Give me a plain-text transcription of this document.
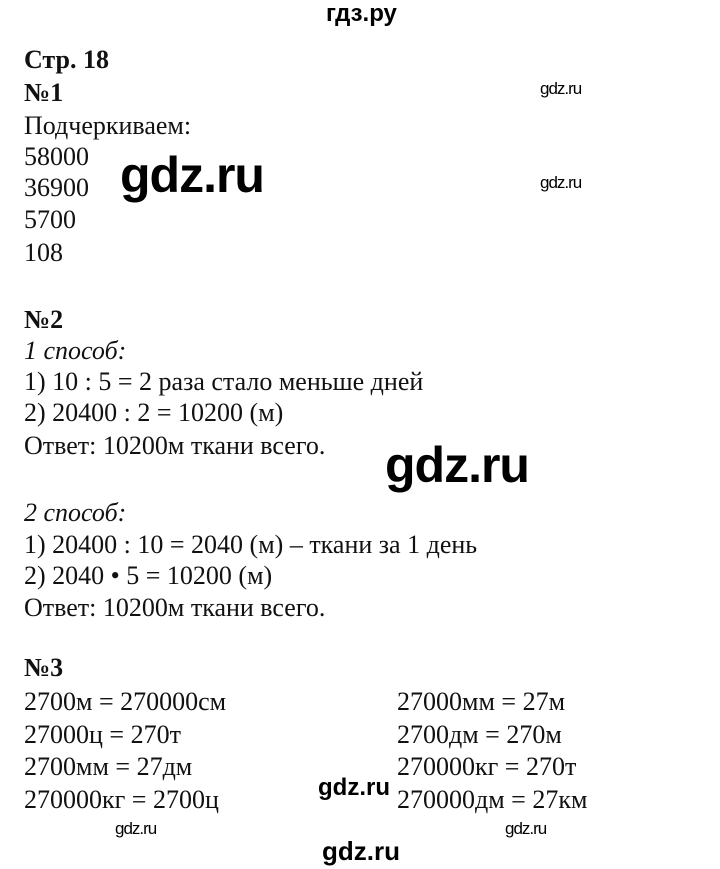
гдз.ру
Стр. 18
№1
Подчеркиваем:
58000
36900
5700
108
gdz.ru
gdz.ru
gdz.ru
№2
1 способ:
1) 10 : 5 = 2 раза стало меньше дней
2) 20400 : 2 = 10200 (м)
Ответ: 10200м ткани всего. gdz.ru
2 способ:
1) 20400 : 10 = 2040 (м) – ткани за 1 день
2) 2040 • 5 = 10200 (м)
Ответ: 10200м ткани всего.
№3
2700м = 270000см
27000ц = 270т
2700мм = 27дм
270000кг = 2700ц
27000мм = 27м
2700дм = 270м
270000кг = 270т
270000дм = 27км
gdz.ru	gdz.ru
gdz.ru
gdz.ru
